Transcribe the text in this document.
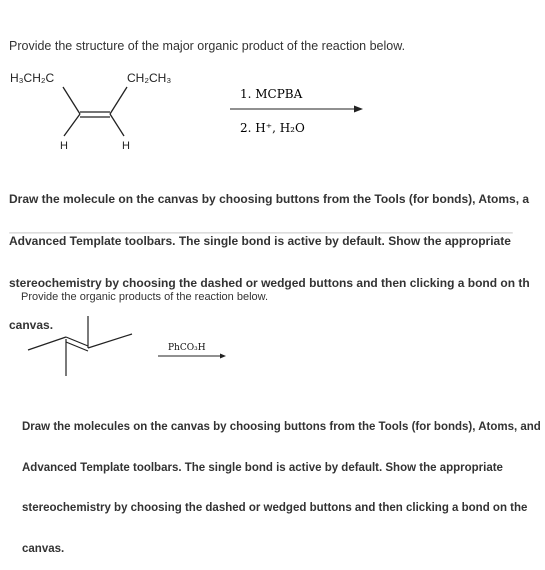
Provide the structure of the major organic product of the reaction below.
H₃CH₂C	CH₂CH₃
H	H
1. MCPBA
2. H⁺, H₂O

Draw the molecule on the canvas by choosing buttons from the Tools (for bonds), Atoms, a

Advanced Template toolbars. The single bond is active by default. Show the appropriate

stereochemistry by choosing the dashed or wedged buttons and then clicking a bond on th

canvas.

Provide the organic products of the reaction below.
PhCO₃H

Draw the molecules on the canvas by choosing buttons from the Tools (for bonds), Atoms, and

Advanced Template toolbars. The single bond is active by default. Show the appropriate

stereochemistry by choosing the dashed or wedged buttons and then clicking a bond on the

canvas.
